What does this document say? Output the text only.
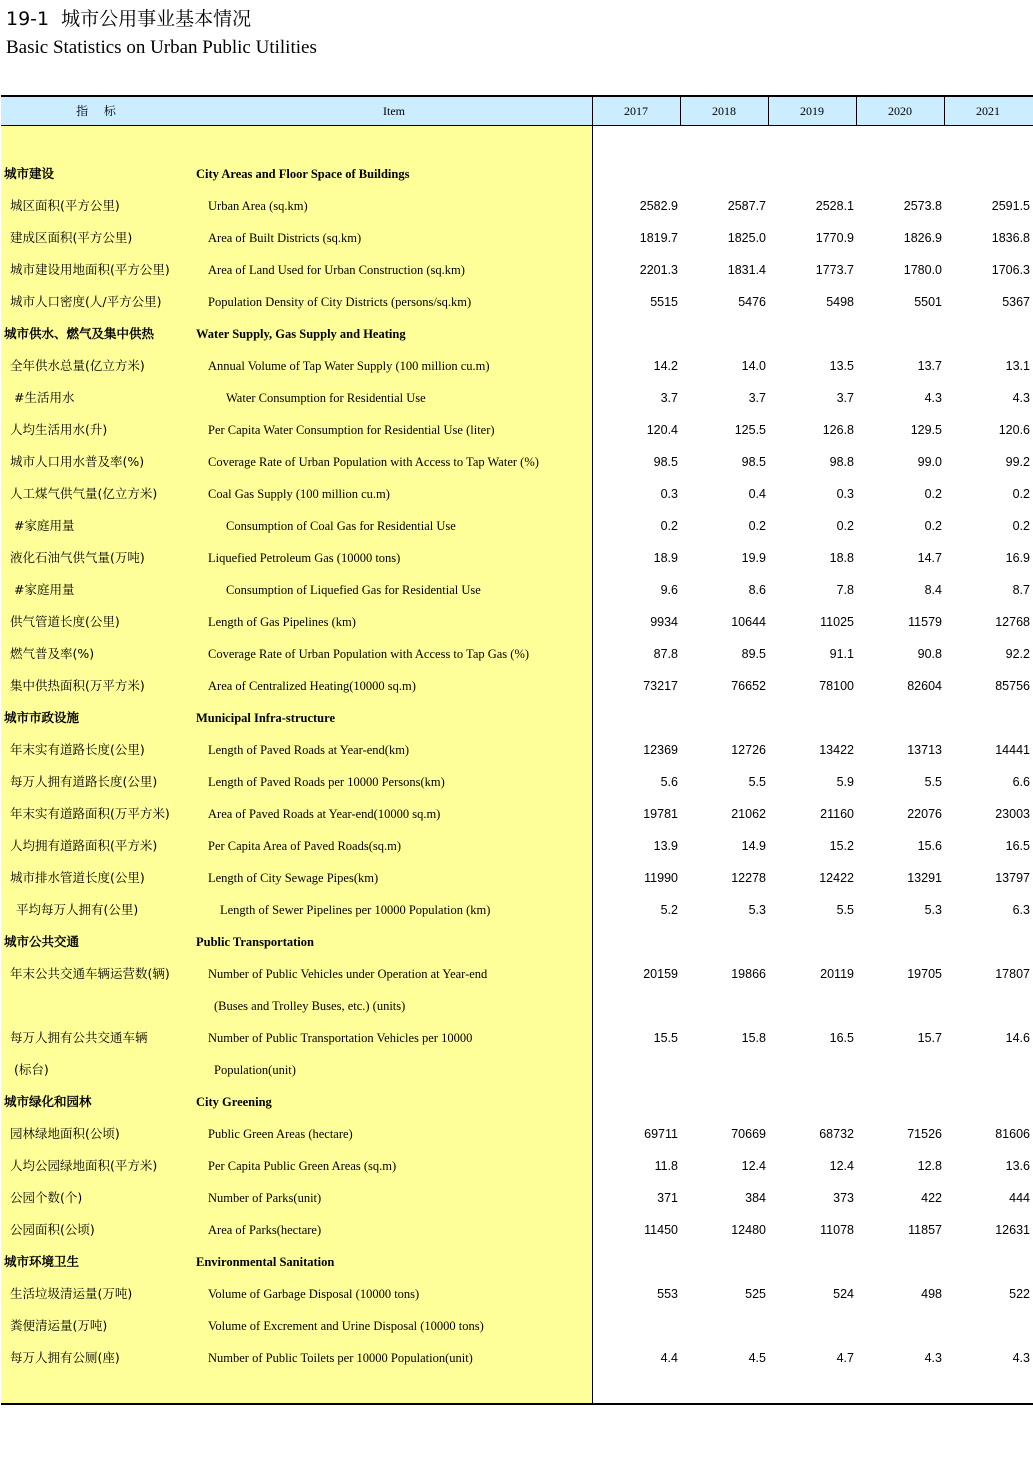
19-1 城市公用事业基本情况
Basic Statistics on Urban Public Utilities
指 标	Item	2017	2018	2019	2020	2021
城市建设	City Areas and Floor Space of Buildings
城区面积(平方公里)	Urban Area (sq.km)	2582.9	2587.7	2528.1	2573.8	2591.5
建成区面积(平方公里)	Area of Built Districts (sq.km)	1819.7	1825.0	1770.9	1826.9	1836.8
城市建设用地面积(平方公里)	Area of Land Used for Urban Construction (sq.km)	2201.3	1831.4	1773.7	1780.0	1706.3
城市人口密度(人/平方公里)	Population Density of City Districts (persons/sq.km)	5515	5476	5498	5501	5367
城市供水、燃气及集中供热	Water Supply, Gas Supply and Heating
全年供水总量(亿立方米)	Annual Volume of Tap Water Supply (100 million cu.m)	14.2	14.0	13.5	13.7	13.1
#生活用水	Water Consumption for Residential Use	3.7	3.7	3.7	4.3	4.3
人均生活用水(升)	Per Capita Water Consumption for Residential Use (liter)	120.4	125.5	126.8	129.5	120.6
城市人口用水普及率(%)	Coverage Rate of Urban Population with Access to Tap Water (%)	98.5	98.5	98.8	99.0	99.2
人工煤气供气量(亿立方米)	Coal Gas Supply (100 million cu.m)	0.3	0.4	0.3	0.2	0.2
#家庭用量	Consumption of Coal Gas for Residential Use	0.2	0.2	0.2	0.2	0.2
液化石油气供气量(万吨)	Liquefied Petroleum Gas (10000 tons)	18.9	19.9	18.8	14.7	16.9
#家庭用量	Consumption of Liquefied Gas for Residential Use	9.6	8.6	7.8	8.4	8.7
供气管道长度(公里)	Length of Gas Pipelines (km)	9934	10644	11025	11579	12768
燃气普及率(%)	Coverage Rate of Urban Population with Access to Tap Gas (%)	87.8	89.5	91.1	90.8	92.2
集中供热面积(万平方米)	Area of Centralized Heating(10000 sq.m)	73217	76652	78100	82604	85756
城市市政设施	Municipal Infra-structure
年末实有道路长度(公里)	Length of Paved Roads at Year-end(km)	12369	12726	13422	13713	14441
每万人拥有道路长度(公里)	Length of Paved Roads per 10000 Persons(km)	5.6	5.5	5.9	5.5	6.6
年末实有道路面积(万平方米)	Area of Paved Roads at Year-end(10000 sq.m)	19781	21062	21160	22076	23003
人均拥有道路面积(平方米)	Per Capita Area of Paved Roads(sq.m)	13.9	14.9	15.2	15.6	16.5
城市排水管道长度(公里)	Length of City Sewage Pipes(km)	11990	12278	12422	13291	13797
平均每万人拥有(公里)	Length of Sewer Pipelines per 10000 Population (km)	5.2	5.3	5.5	5.3	6.3
城市公共交通	Public Transportation
年末公共交通车辆运营数(辆)	Number of Public Vehicles under Operation at Year-end	20159	19866	20119	19705	17807
(Buses and Trolley Buses, etc.) (units)
每万人拥有公共交通车辆	Number of Public Transportation Vehicles per 10000	15.5	15.8	16.5	15.7	14.6
(标台)	Population(unit)
城市绿化和园林	City Greening
园林绿地面积(公顷)	Public Green Areas (hectare)	69711	70669	68732	71526	81606
人均公园绿地面积(平方米)	Per Capita Public Green Areas (sq.m)	11.8	12.4	12.4	12.8	13.6
公园个数(个)	Number of Parks(unit)	371	384	373	422	444
公园面积(公顷)	Area of Parks(hectare)	11450	12480	11078	11857	12631
城市环境卫生	Environmental Sanitation
生活垃圾清运量(万吨)	Volume of Garbage Disposal (10000 tons)	553	525	524	498	522
粪便清运量(万吨)	Volume of Excrement and Urine Disposal (10000 tons)
每万人拥有公厕(座)	Number of Public Toilets per 10000 Population(unit)	4.4	4.5	4.7	4.3	4.3
